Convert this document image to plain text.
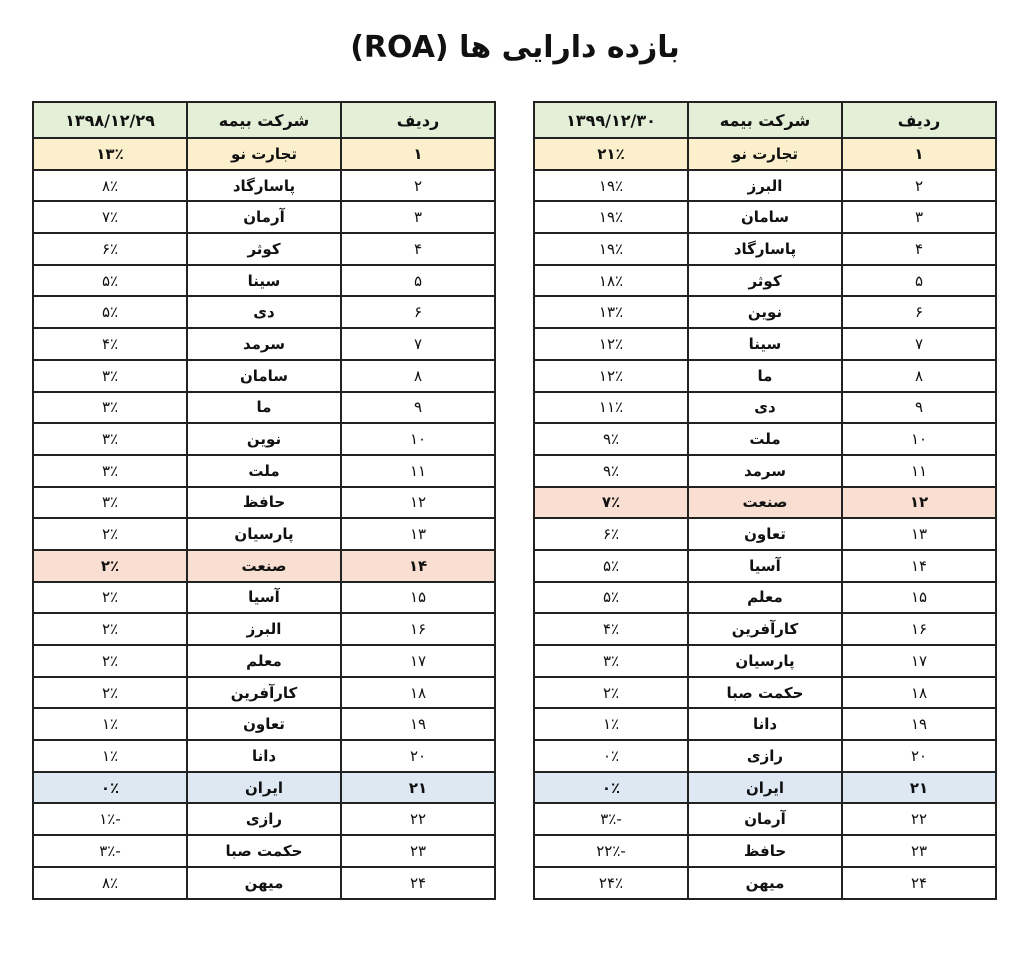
بازده دارایی ها (ROA)
ردیف	شرکت بیمه	۱۳۹۹/۱۲/۳۰
۱	تجارت نو	۲۱٪
۲	البرز	۱۹٪
۳	سامان	۱۹٪
۴	پاسارگاد	۱۹٪
۵	کوثر	۱۸٪
۶	نوین	۱۳٪
۷	سینا	۱۲٪
۸	ما	۱۲٪
۹	دی	۱۱٪
۱۰	ملت	۹٪
۱۱	سرمد	۹٪
۱۲	صنعت	۷٪
۱۳	تعاون	۶٪
۱۴	آسیا	۵٪
۱۵	معلم	۵٪
۱۶	کارآفرین	۴٪
۱۷	پارسیان	۳٪
۱۸	حکمت صبا	۲٪
۱۹	دانا	۱٪
۲۰	رازی	۰٪
۲۱	ایران	۰٪
۲۲	آرمان	-۳٪
۲۳	حافظ	-۲۲٪
۲۴	میهن	۲۴٪
ردیف	شرکت بیمه	۱۳۹۸/۱۲/۲۹
۱	تجارت نو	۱۳٪
۲	پاسارگاد	۸٪
۳	آرمان	۷٪
۴	کوثر	۶٪
۵	سینا	۵٪
۶	دی	۵٪
۷	سرمد	۴٪
۸	سامان	۳٪
۹	ما	۳٪
۱۰	نوین	۳٪
۱۱	ملت	۳٪
۱۲	حافظ	۳٪
۱۳	پارسیان	۲٪
۱۴	صنعت	۲٪
۱۵	آسیا	۲٪
۱۶	البرز	۲٪
۱۷	معلم	۲٪
۱۸	کارآفرین	۲٪
۱۹	تعاون	۱٪
۲۰	دانا	۱٪
۲۱	ایران	۰٪
۲۲	رازی	-۱٪
۲۳	حکمت صبا	-۳٪
۲۴	میهن	۸٪
